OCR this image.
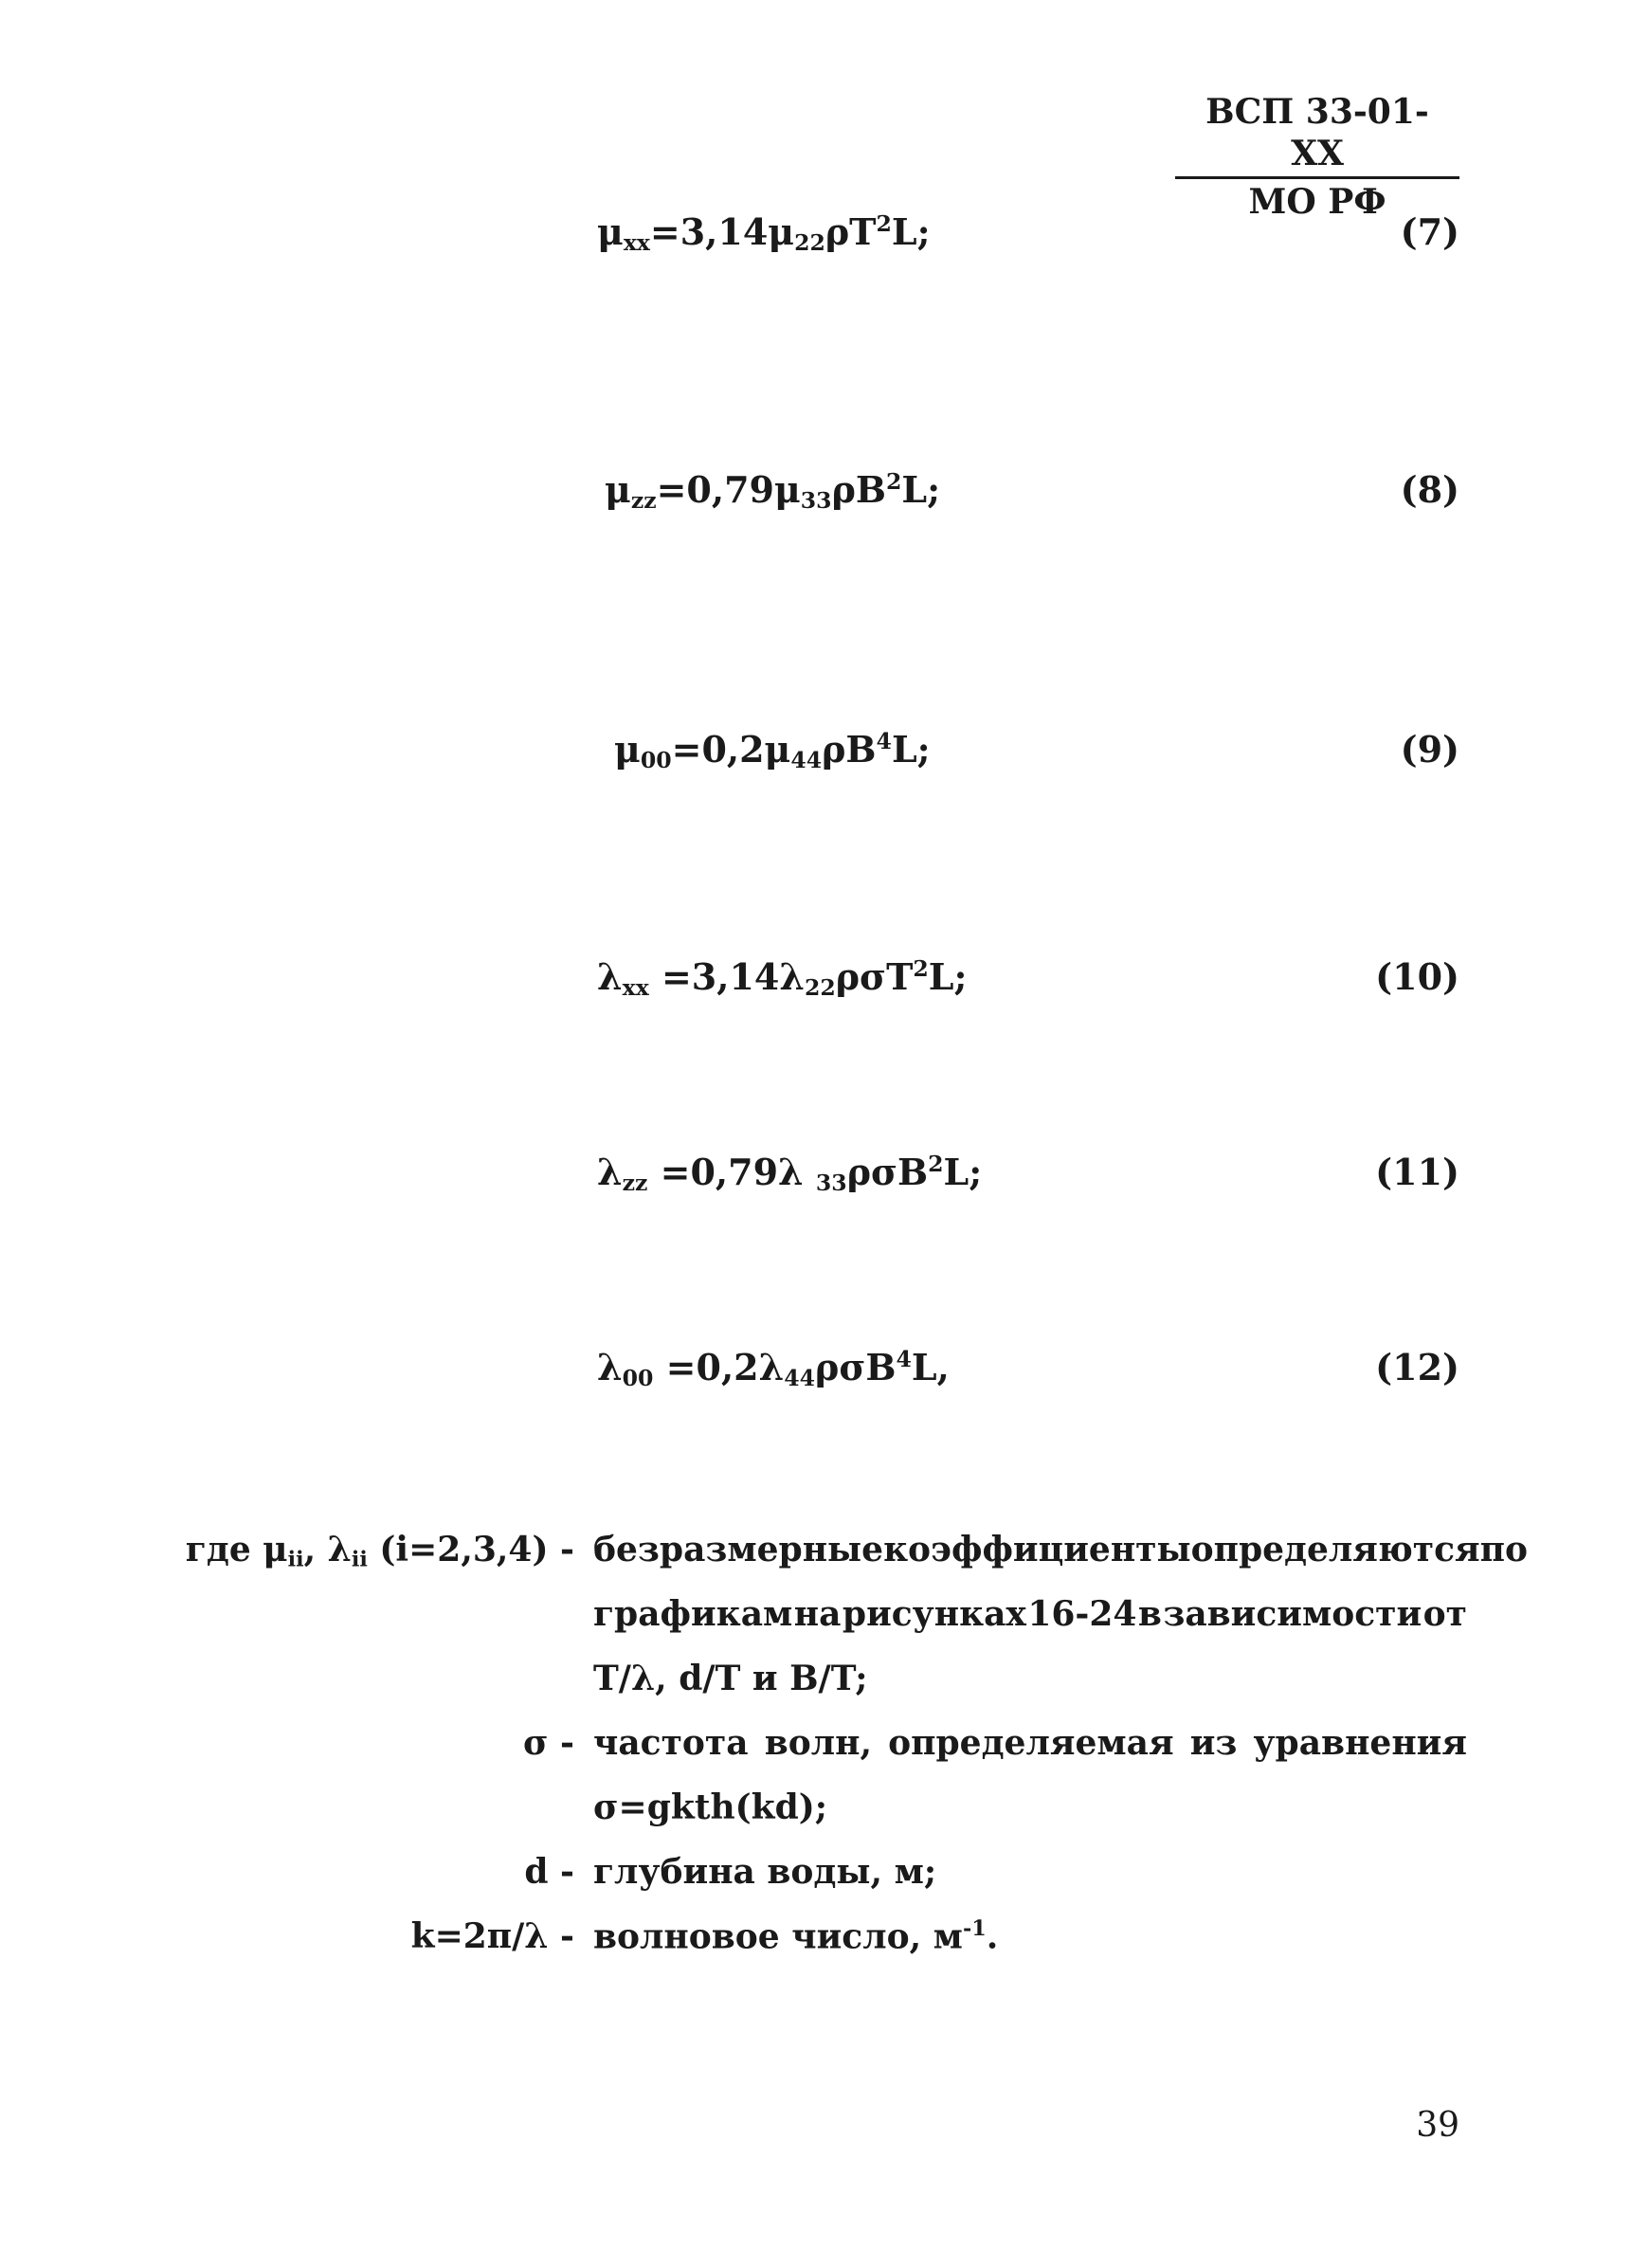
ВСП 33-01-XX
МО РФ
$\mu_{xx}=3,14\mu_{22}\rho T^2L$;	(7)
$\mu_{zz}=0,79\mu_{33}\rho B^2L$;	(8)
$\mu_{00}=0,2\mu_{44}\rho B^4L$;	(9)
$\lambda_{xx} =3,14\lambda_{22}\rho\sigma T^2L$;	(10)
$\lambda_{zz} =0,79\lambda$ $_{33}$ρσB$^2$L;	(11)
$\lambda_{00} =0,2\lambda_{44}\rho\sigma B^4L$,	(12)
где $\mu_{ii}$, $\lambda_{ii}$ (i=2,3,4) - безразмерные коэффициенты определяются по
графикам на рисунках 16-24 в зависимости от
T/λ, d/T и B/T;
σ - частота волн, определяемая из уравнения
σ=gkth(kd);
d - глубина воды, м;
k=2π/λ - волновое число, $м^{-1}$.
39
